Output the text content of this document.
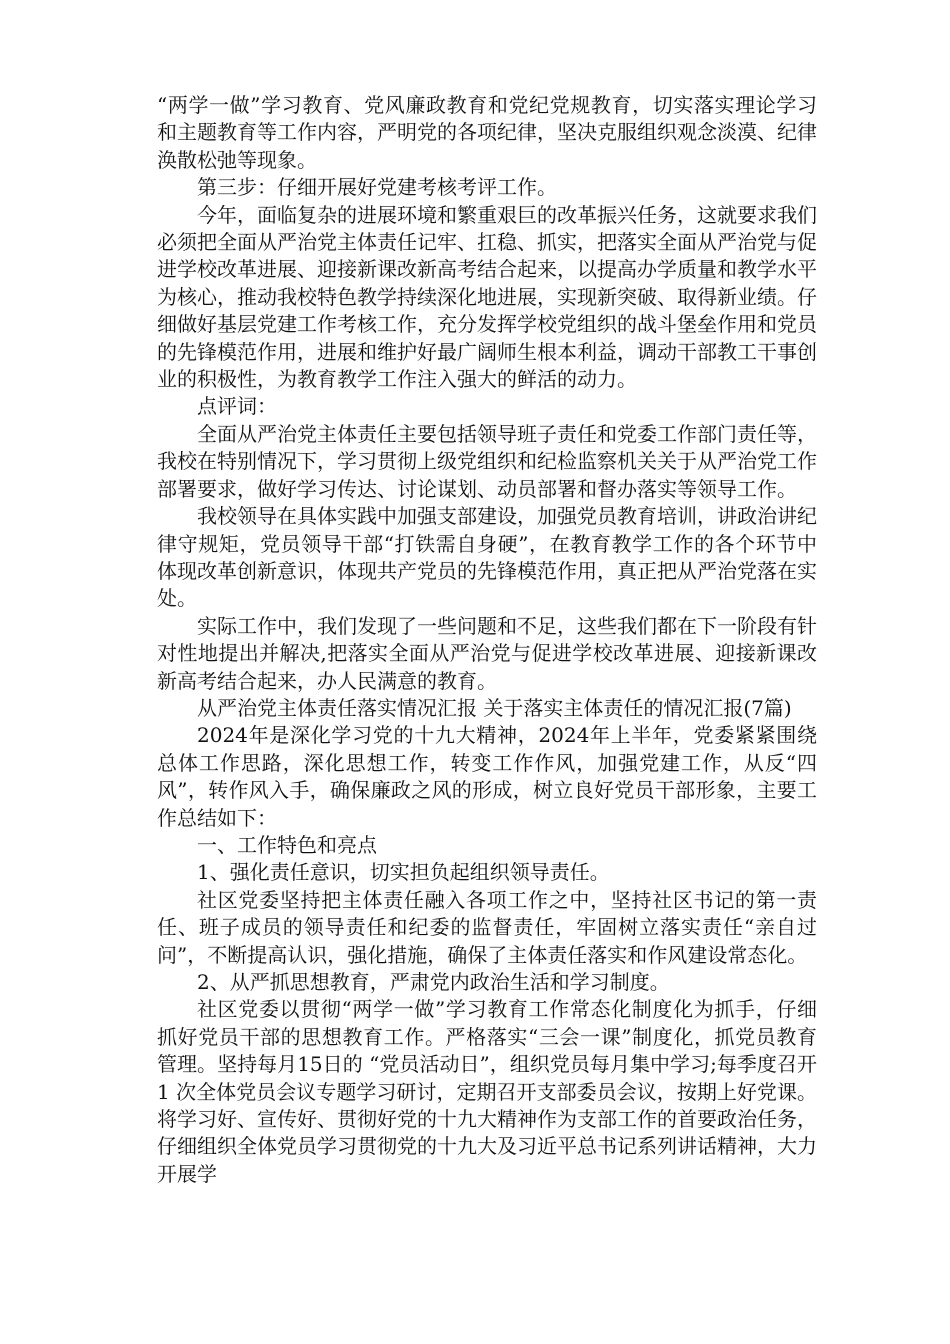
“两学一做”学习教育、党风廉政教育和党纪党规教育，切实落实理论学习和主题教育等工作内容，严明党的各项纪律，坚决克服组织观念淡漠、纪律涣散松弛等现象。

第三步：仔细开展好党建考核考评工作。

今年，面临复杂的进展环境和繁重艰巨的改革振兴任务，这就要求我们必须把全面从严治党主体责任记牢、扛稳、抓实，把落实全面从严治党与促进学校改革进展、迎接新课改新高考结合起来，以提高办学质量和教学水平为核心，推动我校特色教学持续深化地进展，实现新突破、取得新业绩。仔细做好基层党建工作考核工作，充分发挥学校党组织的战斗堡垒作用和党员的先锋模范作用，进展和维护好最广阔师生根本利益，调动干部教工干事创业的积极性，为教育教学工作注入强大的鲜活的动力。

点评词：

全面从严治党主体责任主要包括领导班子责任和党委工作部门责任等，我校在特别情况下，学习贯彻上级党组织和纪检监察机关关于从严治党工作部署要求，做好学习传达、讨论谋划、动员部署和督办落实等领导工作。

我校领导在具体实践中加强支部建设，加强党员教育培训，讲政治讲纪律守规矩，党员领导干部“打铁需自身硬”，在教育教学工作的各个环节中体现改革创新意识，体现共产党员的先锋模范作用，真正把从严治党落在实处。

实际工作中，我们发现了一些问题和不足，这些我们都在下一阶段有针对性地提出并解决,把落实全面从严治党与促进学校改革进展、迎接新课改新高考结合起来，办人民满意的教育。

从严治党主体责任落实情况汇报 关于落实主体责任的情况汇报(7篇)

2024年是深化学习党的十九大精神，2024年上半年，党委紧紧围绕总体工作思路，深化思想工作，转变工作作风，加强党建工作，从反“四风”，转作风入手，确保廉政之风的形成，树立良好党员干部形象，主要工作总结如下：

一、工作特色和亮点

1、强化责任意识，切实担负起组织领导责任。

社区党委坚持把主体责任融入各项工作之中，坚持社区书记的第一责任、班子成员的领导责任和纪委的监督责任，牢固树立落实责任“亲自过问”，不断提高认识，强化措施，确保了主体责任落实和作风建设常态化。

2、从严抓思想教育，严肃党内政治生活和学习制度。

社区党委以贯彻“两学一做”学习教育工作常态化制度化为抓手，仔细抓好党员干部的思想教育工作。严格落实“三会一课”制度化，抓党员教育管理。坚持每月15日的 “党员活动日”，组织党员每月集中学习;每季度召开 1 次全体党员会议专题学习研讨，定期召开支部委员会议，按期上好党课。将学习好、宣传好、贯彻好党的十九大精神作为支部工作的首要政治任务，仔细组织全体党员学习贯彻党的十九大及习近平总书记系列讲话精神，大力开展学
